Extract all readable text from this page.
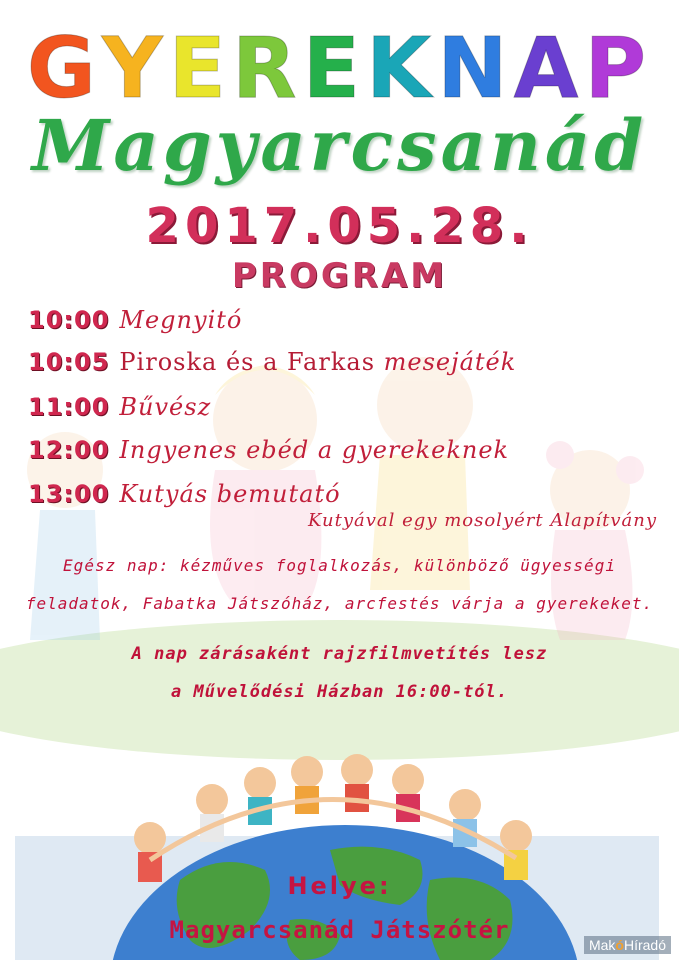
GYEREKNAP
Magyarcsanád
2017.05.28.
PROGRAM
10:00 Megnyitó
10:05 Piroska és a Farkas mesejáték
11:00 Bűvész
12:00 Ingyenes ebéd a gyerekeknek
13:00 Kutyás bemutató
Kutyával egy mosolyért Alapítvány
Egész nap: kézműves foglalkozás, különböző ügyességi
feladatok, Fabatka Játszóház, arcfestés várja a gyerekeket.
A nap zárásaként rajzfilmvetítés lesz
a Művelődési Házban 16:00-tól.
Helye:
Magyarcsanád Játszótér
MakóHíradó
